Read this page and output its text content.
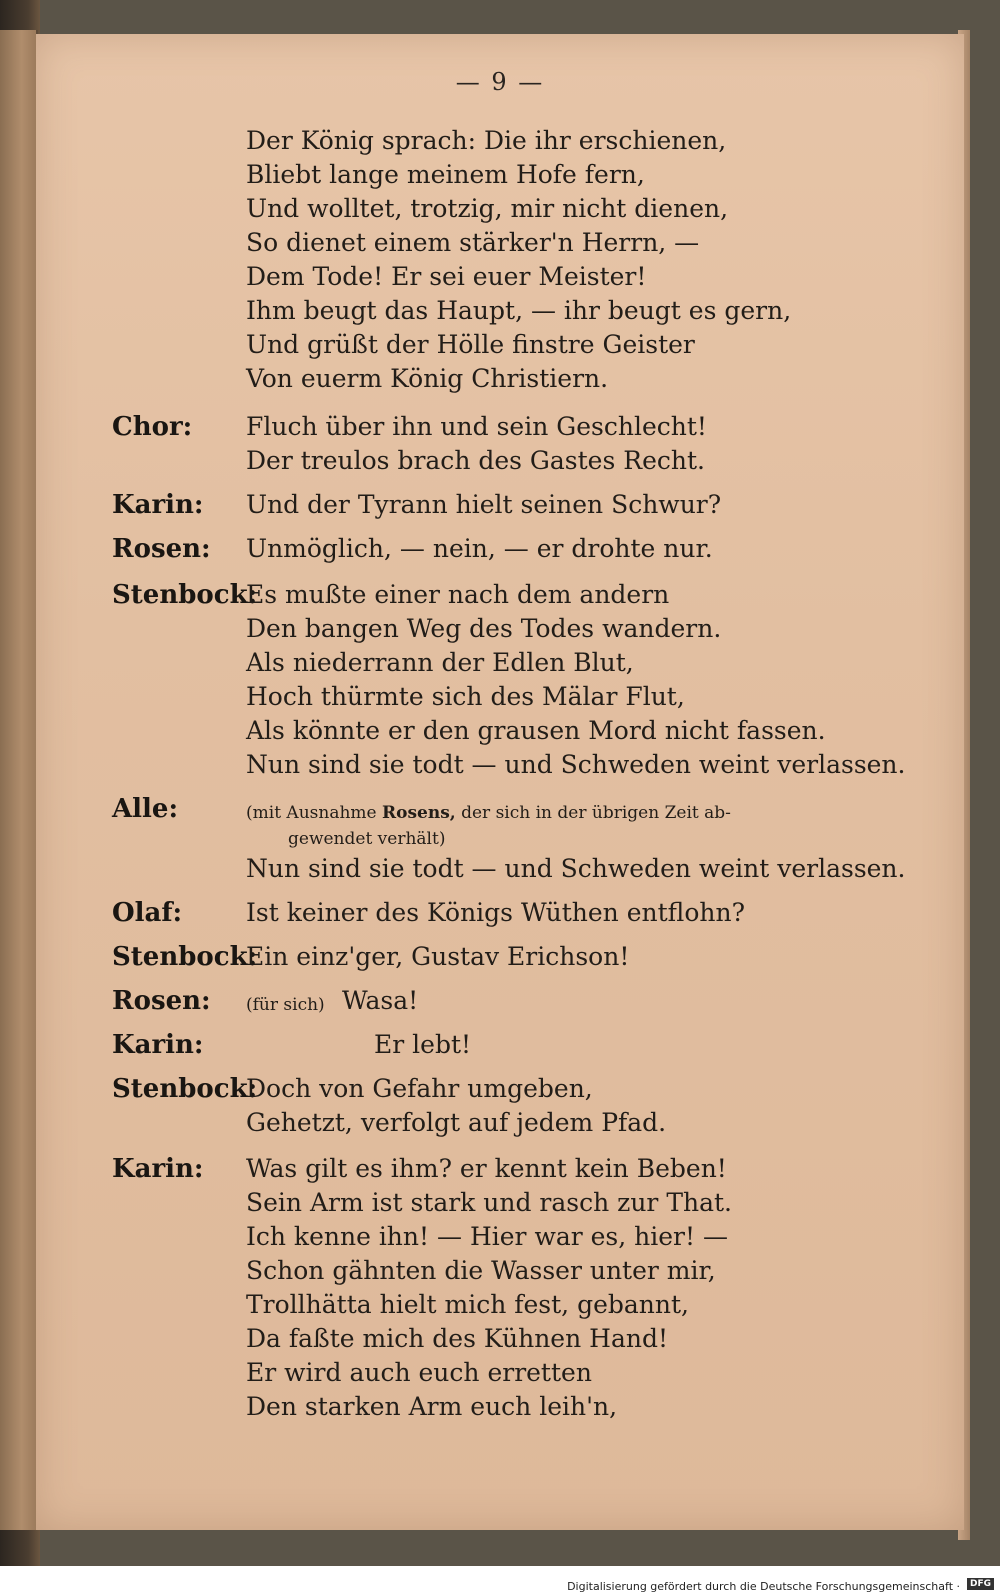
— 9 —
Der König sprach: Die ihr erschienen,
Bliebt lange meinem Hofe fern,
Und wolltet, trotzig, mir nicht dienen,
So dienet einem stärker'n Herrn, —
Dem Tode! Er sei euer Meister!
Ihm beugt das Haupt, — ihr beugt es gern,
Und grüßt der Hölle finstre Geister
Von euerm König Christiern.
Chor: Fluch über ihn und sein Geschlecht!
Der treulos brach des Gastes Recht.
Karin: Und der Tyrann hielt seinen Schwur?
Rosen: Unmöglich, — nein, — er drohte nur.
Stenbock:
Es mußte einer nach dem andern
Den bangen Weg des Todes wandern.
Als niederrann der Edlen Blut,
Hoch thürmte sich des Mälar Flut,
Als könnte er den grausen Mord nicht fassen.
Nun sind sie todt — und Schweden weint verlassen.
Alle:	(mit Ausnahme Rosens, der sich in der übrigen Zeit ab-
gewendet verhält)
Nun sind sie todt — und Schweden weint verlassen.
Olaf:	Ist keiner des Königs Wüthen entflohn?
Stenbock:
Ein einz'ger, Gustav Erichson!
Rosen: (für sich) Wasa!
Karin:	Er lebt!
Stenbock:
Doch von Gefahr umgeben,
Gehetzt, verfolgt auf jedem Pfad.
Karin: Was gilt es ihm? er kennt kein Beben!
Sein Arm ist stark und rasch zur That.
Ich kenne ihn! — Hier war es, hier! —
Schon gähnten die Wasser unter mir,
Trollhätta hielt mich fest, gebannt,
Da faßte mich des Kühnen Hand!
Er wird auch euch erretten
Den starken Arm euch leih'n,
Digitalisierung gefördert durch die Deutsche Forschungsgemeinschaft ·	DFG
